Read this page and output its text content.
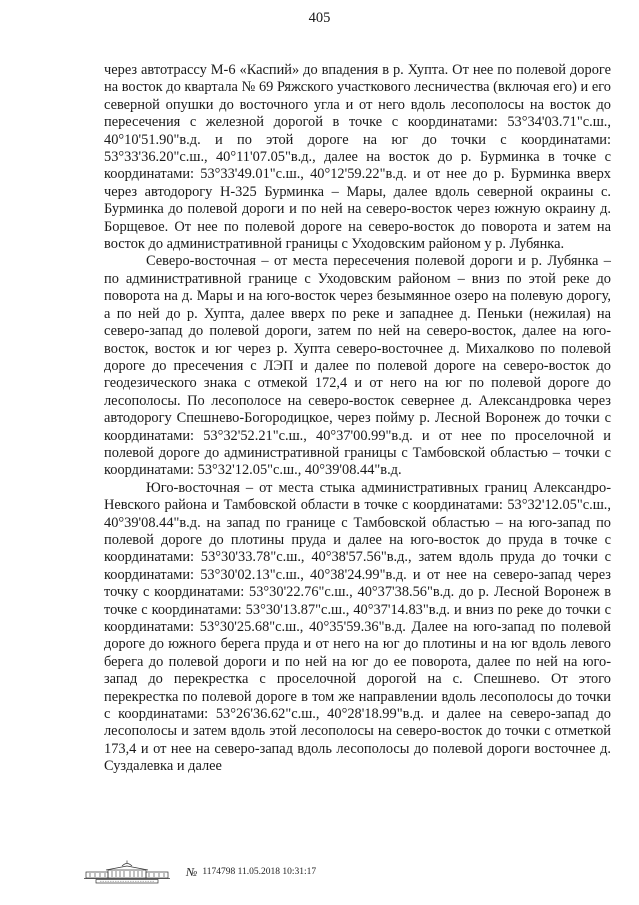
405

через автотрассу М-6 «Каспий» до впадения в р. Хупта. От нее по полевой дороге на восток до квартала № 69 Ряжского участкового лесничества (включая его) и его северной опушки до восточного угла и от него вдоль лесополосы на восток до пересечения с железной дорогой в точке с координатами: 53°34'03.71"с.ш., 40°10'51.90"в.д. и по этой дороге на юг до точки с координатами: 53°33'36.20"с.ш., 40°11'07.05"в.д., далее на восток до р. Бурминка в точке с координатами: 53°33'49.01"с.ш., 40°12'59.22"в.д. и от нее до р. Бурминка вверх через автодорогу Н-325 Бурминка – Мары, далее вдоль северной окраины с. Бурминка до полевой дороги и по ней на северо-восток через южную окраину д. Борщевое. От нее по полевой дороге на северо-восток до поворота и затем на восток до административной границы с Уходовским районом у р. Лубянка.

Северо-восточная – от места пересечения полевой дороги и р. Лубянка – по административной границе с Уходовским районом – вниз по этой реке до поворота на д. Мары и на юго-восток через безымянное озеро на полевую дорогу, а по ней до р. Хупта, далее вверх по реке и западнее д. Пеньки (нежилая) на северо-запад до полевой дороги, затем по ней на северо-восток, далее на юго-восток, восток и юг через р. Хупта северо-восточнее д. Михалково по полевой дороге до пресечения с ЛЭП и далее по полевой дороге на северо-восток до геодезического знака с отмекой 172,4 и от него на юг по полевой дороге до лесополосы. По лесополосе на северо-восток севернее д. Александровка через автодорогу Спешнево-Богородицкое, через пойму р. Лесной Воронеж до точки с координатами: 53°32'52.21"с.ш., 40°37'00.99"в.д. и от нее по проселочной и полевой дороге до административной границы с Тамбовской областью – точки с координатами: 53°32'12.05"с.ш., 40°39'08.44"в.д.

Юго-восточная – от места стыка административных границ Александро-Невского района и Тамбовской области в точке с координатами: 53°32'12.05"с.ш., 40°39'08.44"в.д. на запад по границе с Тамбовской областью – на юго-запад по полевой дороге до плотины пруда и далее на юго-восток до пруда в точке с координатами: 53°30'33.78"с.ш., 40°38'57.56"в.д., затем вдоль пруда до точки с координатами: 53°30'02.13"с.ш., 40°38'24.99"в.д. и от нее на северо-запад через точку с координатами: 53°30'22.76"с.ш., 40°37'38.56"в.д. до р. Лесной Воронеж в точке с координатами: 53°30'13.87"с.ш., 40°37'14.83"в.д. и вниз по реке до точки с координатами: 53°30'25.68"с.ш., 40°35'59.36"в.д. Далее на юго-запад по полевой дороге до южного берега пруда и от него на юг до плотины и на юг вдоль левого берега до полевой дороги и по ней на юг до ее поворота, далее по ней на юго-запад до перекрестка с проселочной дорогой на с. Спешнево. От этого перекрестка по полевой дороге в том же направлении вдоль лесополосы до точки с координатами: 53°26'36.62"с.ш., 40°28'18.99"в.д. и далее на северо-запад до лесополосы и затем вдоль этой лесополосы на северо-восток до точки с отметкой 173,4 и от нее на северо-запад вдоль лесополосы до полевой дороги восточнее д. Суздалевка и далее

№ 1174798 11.05.2018 10:31:17
